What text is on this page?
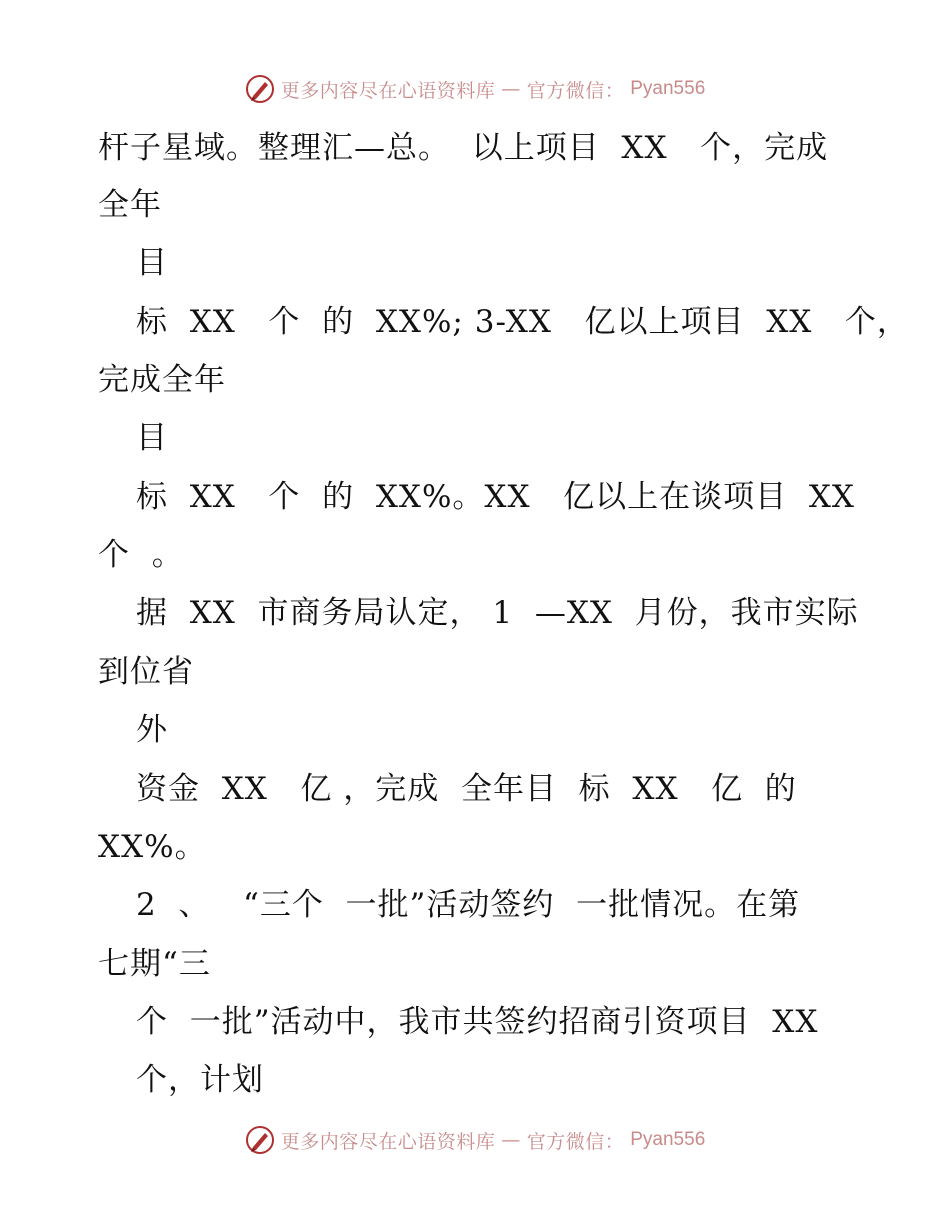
更多内容尽在心语资料库 — 官方微信： Pyan556
杆子星域。整理汇—总。  以上项目  XX   个，完成
全年
目
标  XX   个  的  XX%; 3-XX   亿以上项目  XX   个，
完成全年
目
标  XX   个  的  XX%。XX   亿以上在谈项目  XX
个  。
据  XX  市商务局认定， 1  —XX  月份，我市实际
到位省
外
资金  XX   亿 ，完成  全年目  标  XX   亿  的
XX%。
2  、   “三个  一批”活动签约  一批情况。在第
七期“三
个  一批”活动中，我市共签约招商引资项目  XX
个，计划
更多内容尽在心语资料库 — 官方微信： Pyan556
